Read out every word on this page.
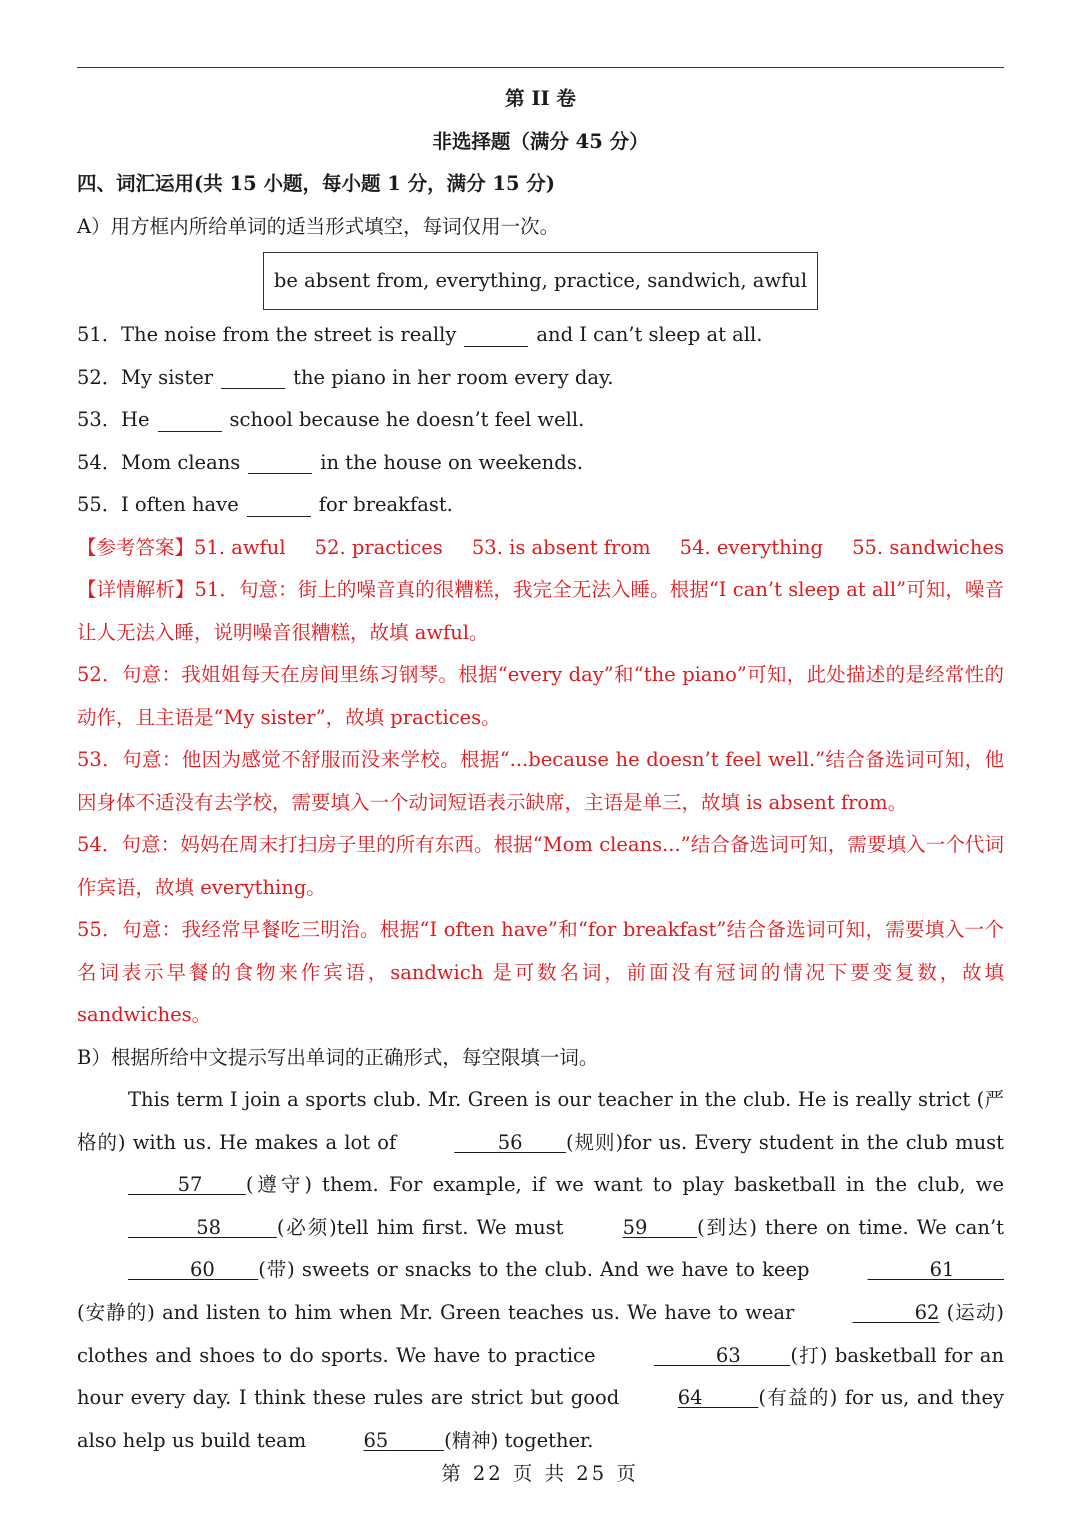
第 II 卷
非选择题（满分 45 分）
四、词汇运用(共 15 小题，每小题 1 分，满分 15 分)
A）用方框内所给单词的适当形式填空，每词仅用一次。
be absent from, everything, practice, sandwich, awful
51． The noise from the street is really	and I can’t sleep at all.
52． My sister	the piano in her room every day.
53． He	school because he doesn’t feel well.
54． Mom cleans	in the house on weekends.
55． I often have	for breakfast.
【参考答案】51. awful 52. practices 53. is absent from 54. everything 55. sandwiches
【详情解析】51．句意：街上的噪音真的很糟糕，我完全无法入睡。根据“I can’t sleep at all”可知，噪音让人无法入睡，说明噪音很糟糕，故填 awful。
52．句意：我姐姐每天在房间里练习钢琴。根据“every day”和“the piano”可知，此处描述的是经常性的动作，且主语是“My sister”，故填 practices。
53．句意：他因为感觉不舒服而没来学校。根据“...because he doesn’t feel well.”结合备选词可知，他因身体不适没有去学校，需要填入一个动词短语表示缺席，主语是单三，故填 is absent from。
54．句意：妈妈在周末打扫房子里的所有东西。根据“Mom cleans...”结合备选词可知，需要填入一个代词作宾语，故填 everything。
55．句意：我经常早餐吃三明治。根据“I often have”和“for breakfast”结合备选词可知，需要填入一个名词表示早餐的食物来作宾语，sandwich 是可数名词，前面没有冠词的情况下要变复数，故填 sandwiches。
B）根据所给中文提示写出单词的正确形式，每空限填一词。
This term I join a sports club. Mr. Green is our teacher in the club. He is really strict (严格的) with us. He makes a lot of	56 (规则)for us. Every student in the club must         57 (遵守) them. For example, if we want to play basketball in the club, we            58	(必须)tell him first. We must	59	(到达) there on time. We can’t           60 (带) sweets or snacks to the club. And we have to keep	61        (安静的) and listen to him when Mr. Green teaches us. We have to wear	62 (运动) clothes and shoes to do sports. We have to practice	63	(打) basketball for an hour every day. I think these rules are strict but good	64	(有益的) for us, and they also help us build team	65	(精神) together.
第 22 页 共 25 页
